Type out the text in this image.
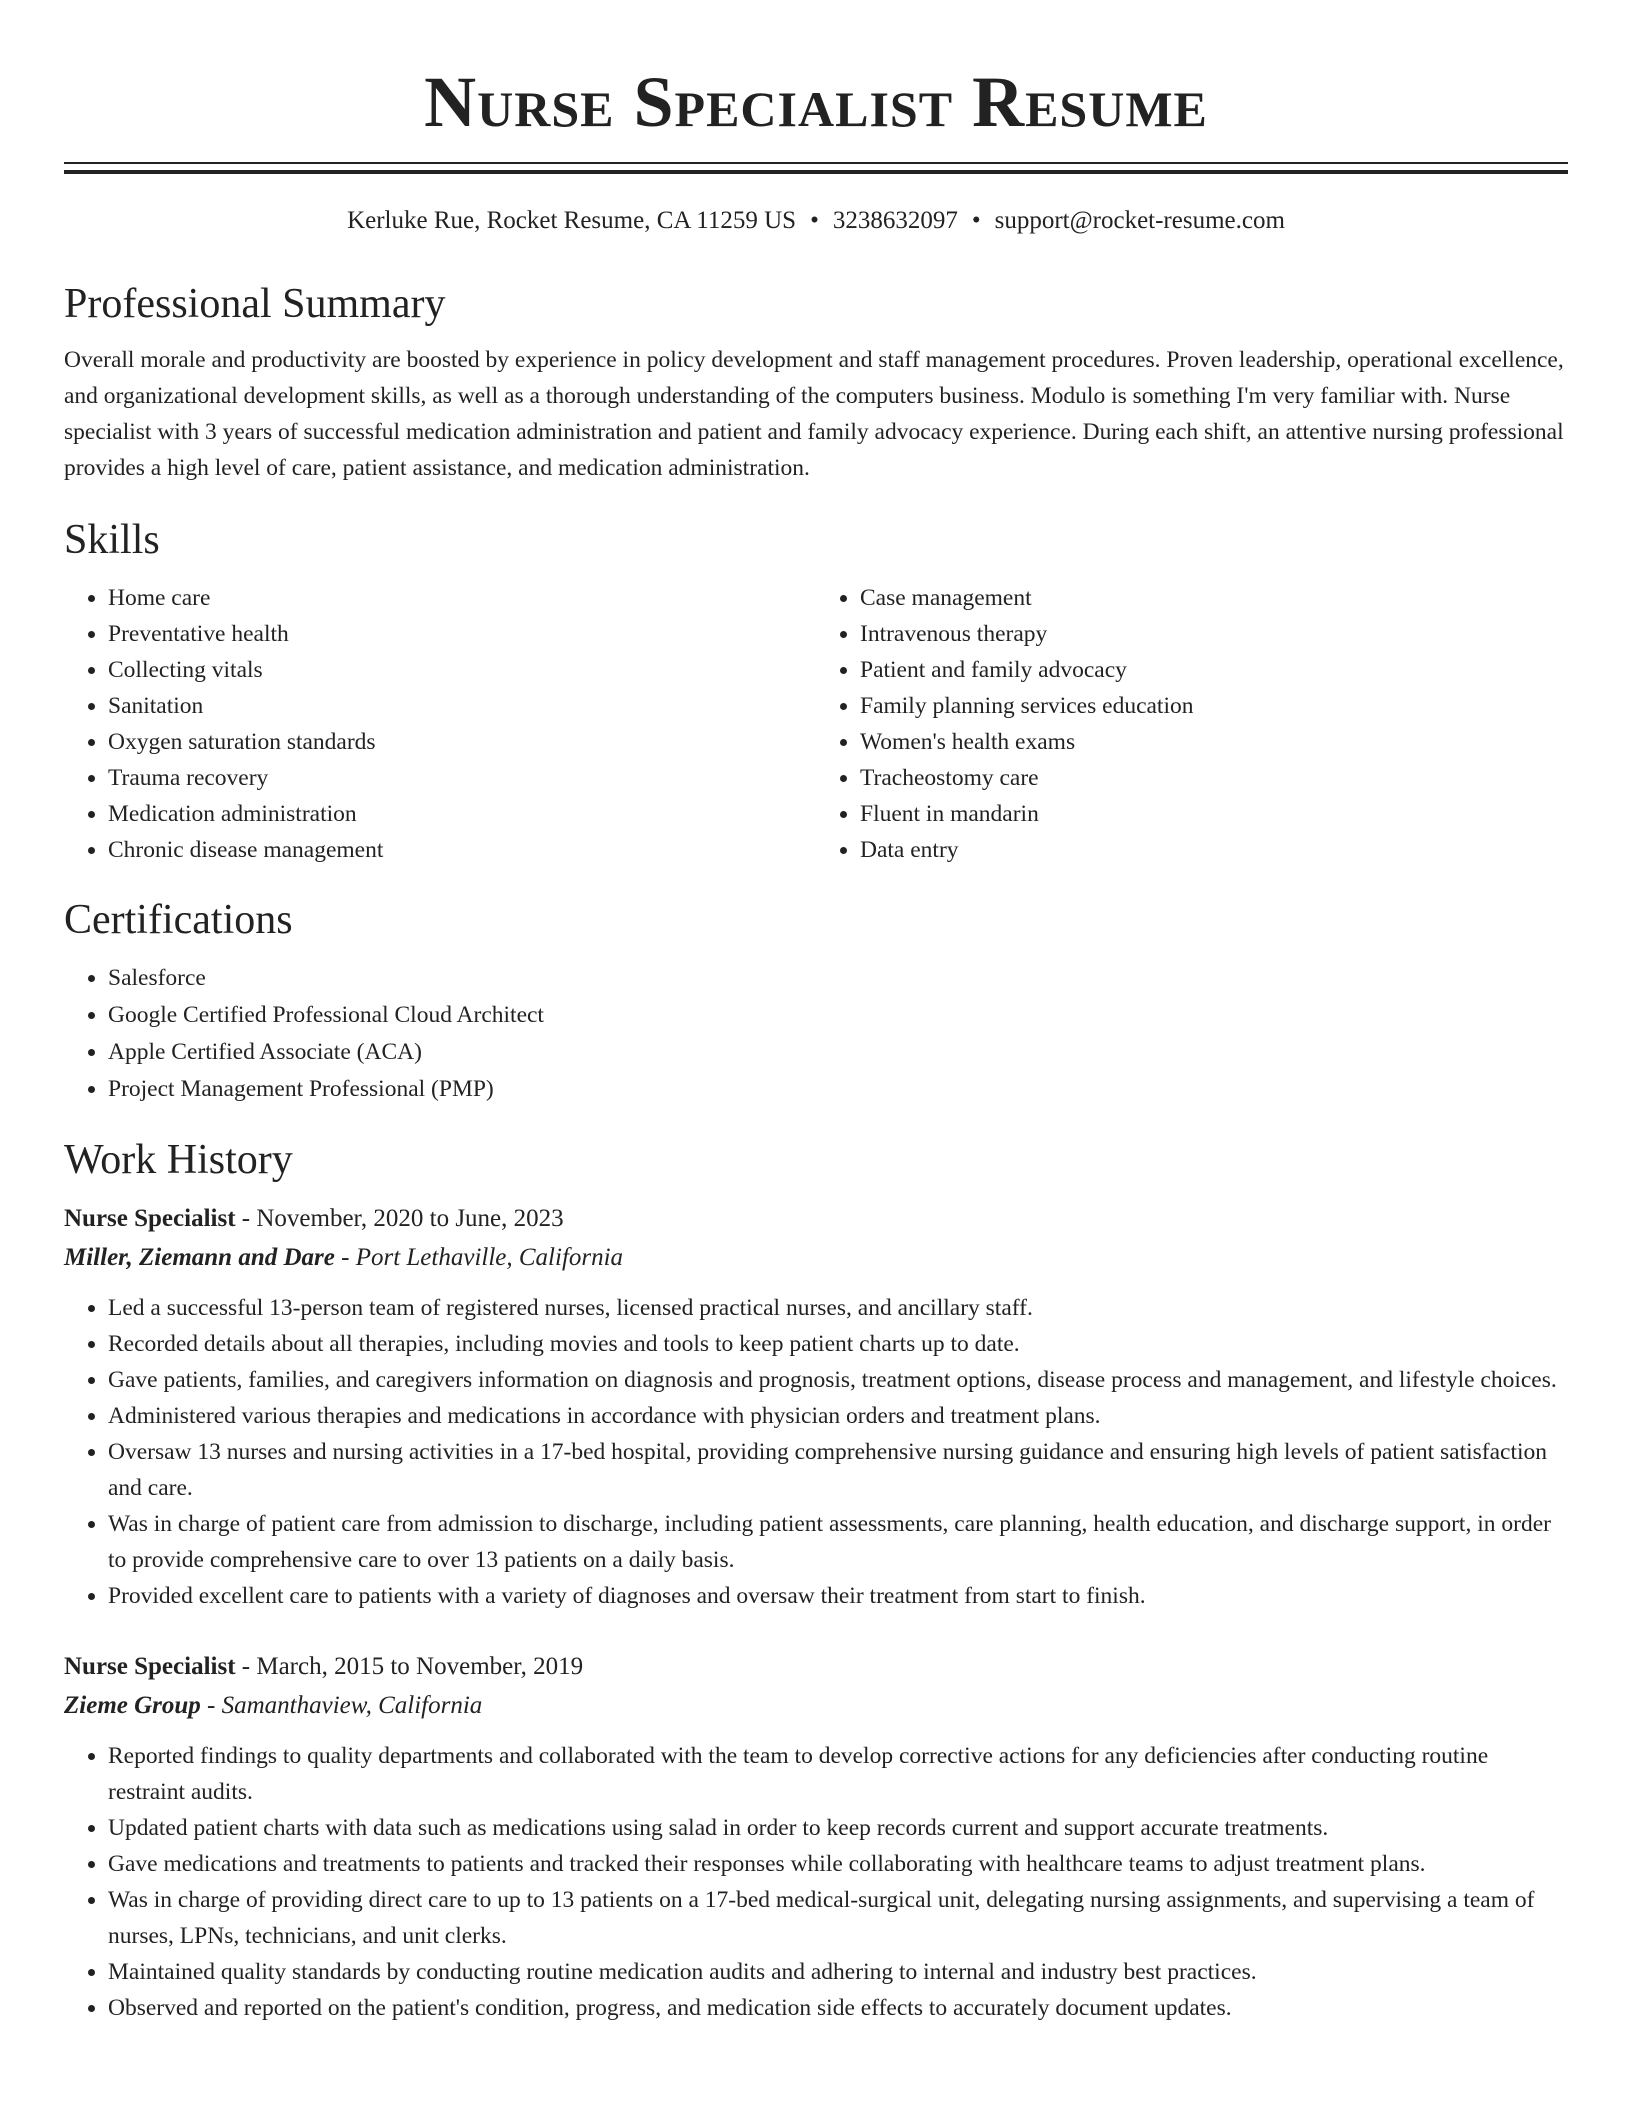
Nurse Specialist Resume
Kerluke Rue, Rocket Resume, CA 11259 US • 3238632097 • support@rocket-resume.com
Professional Summary

Overall morale and productivity are boosted by experience in policy development and staff management procedures. Proven leadership, operational excellence, and organizational development skills, as well as a thorough understanding of the computers business. Modulo is something I'm very familiar with. Nurse specialist with 3 years of successful medication administration and patient and family advocacy experience. During each shift, an attentive nursing professional provides a high level of care, patient assistance, and medication administration.

Skills
• Home care
• Preventative health
• Collecting vitals
• Sanitation
• Oxygen saturation standards
• Trauma recovery
• Medication administration
• Chronic disease management
• Case management
• Intravenous therapy
• Patient and family advocacy
• Family planning services education
• Women's health exams
• Tracheostomy care
• Fluent in mandarin
• Data entry
Certifications
• Salesforce
• Google Certified Professional Cloud Architect
• Apple Certified Associate (ACA)
• Project Management Professional (PMP)
Work History
Nurse Specialist - November, 2020 to June, 2023
Miller, Ziemann and Dare - Port Lethaville, California
• Led a successful 13-person team of registered nurses, licensed practical nurses, and ancillary staff.
• Recorded details about all therapies, including movies and tools to keep patient charts up to date.
• Gave patients, families, and caregivers information on diagnosis and prognosis, treatment options, disease process and management, and lifestyle choices.
• Administered various therapies and medications in accordance with physician orders and treatment plans.
• Oversaw 13 nurses and nursing activities in a 17-bed hospital, providing comprehensive nursing guidance and ensuring high levels of patient satisfaction and care.
• Was in charge of patient care from admission to discharge, including patient assessments, care planning, health education, and discharge support, in order to provide comprehensive care to over 13 patients on a daily basis.
• Provided excellent care to patients with a variety of diagnoses and oversaw their treatment from start to finish.
Nurse Specialist - March, 2015 to November, 2019
Zieme Group - Samanthaview, California
• Reported findings to quality departments and collaborated with the team to develop corrective actions for any deficiencies after conducting routine restraint audits.
• Updated patient charts with data such as medications using salad in order to keep records current and support accurate treatments.
• Gave medications and treatments to patients and tracked their responses while collaborating with healthcare teams to adjust treatment plans.
• Was in charge of providing direct care to up to 13 patients on a 17-bed medical-surgical unit, delegating nursing assignments, and supervising a team of nurses, LPNs, technicians, and unit clerks.
• Maintained quality standards by conducting routine medication audits and adhering to internal and industry best practices.
• Observed and reported on the patient's condition, progress, and medication side effects to accurately document updates.
